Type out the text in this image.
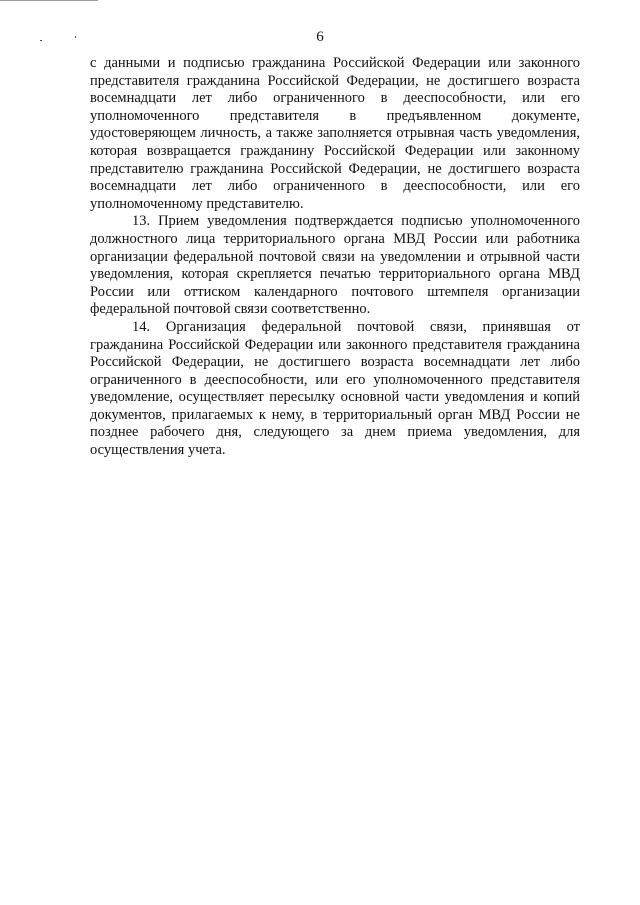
6

с данными и подписью гражданина Российской Федерации или законного представителя гражданина Российской Федерации, не достигшего возраста восемнадцати лет либо ограниченного в дееспособности, или его уполномоченного представителя в предъявленном документе, удостоверяющем личность, а также заполняется отрывная часть уведомления, которая возвращается гражданину Российской Федерации или законному представителю гражданина Российской Федерации, не достигшего возраста восемнадцати лет либо ограниченного в дееспособности, или его уполномоченному представителю.

13. Прием уведомления подтверждается подписью уполномоченного должностного лица территориального органа МВД России или работника организации федеральной почтовой связи на уведомлении и отрывной части уведомления, которая скрепляется печатью территориального органа МВД России или оттиском календарного почтового штемпеля организации федеральной почтовой связи соответственно.

14. Организация федеральной почтовой связи, принявшая от гражданина Российской Федерации или законного представителя гражданина Российской Федерации, не достигшего возраста восемнадцати лет либо ограниченного в дееспособности, или его уполномоченного представителя уведомление, осуществляет пересылку основной части уведомления и копий документов, прилагаемых к нему, в территориальный орган МВД России не позднее рабочего дня, следующего за днем приема уведомления, для осуществления учета.
